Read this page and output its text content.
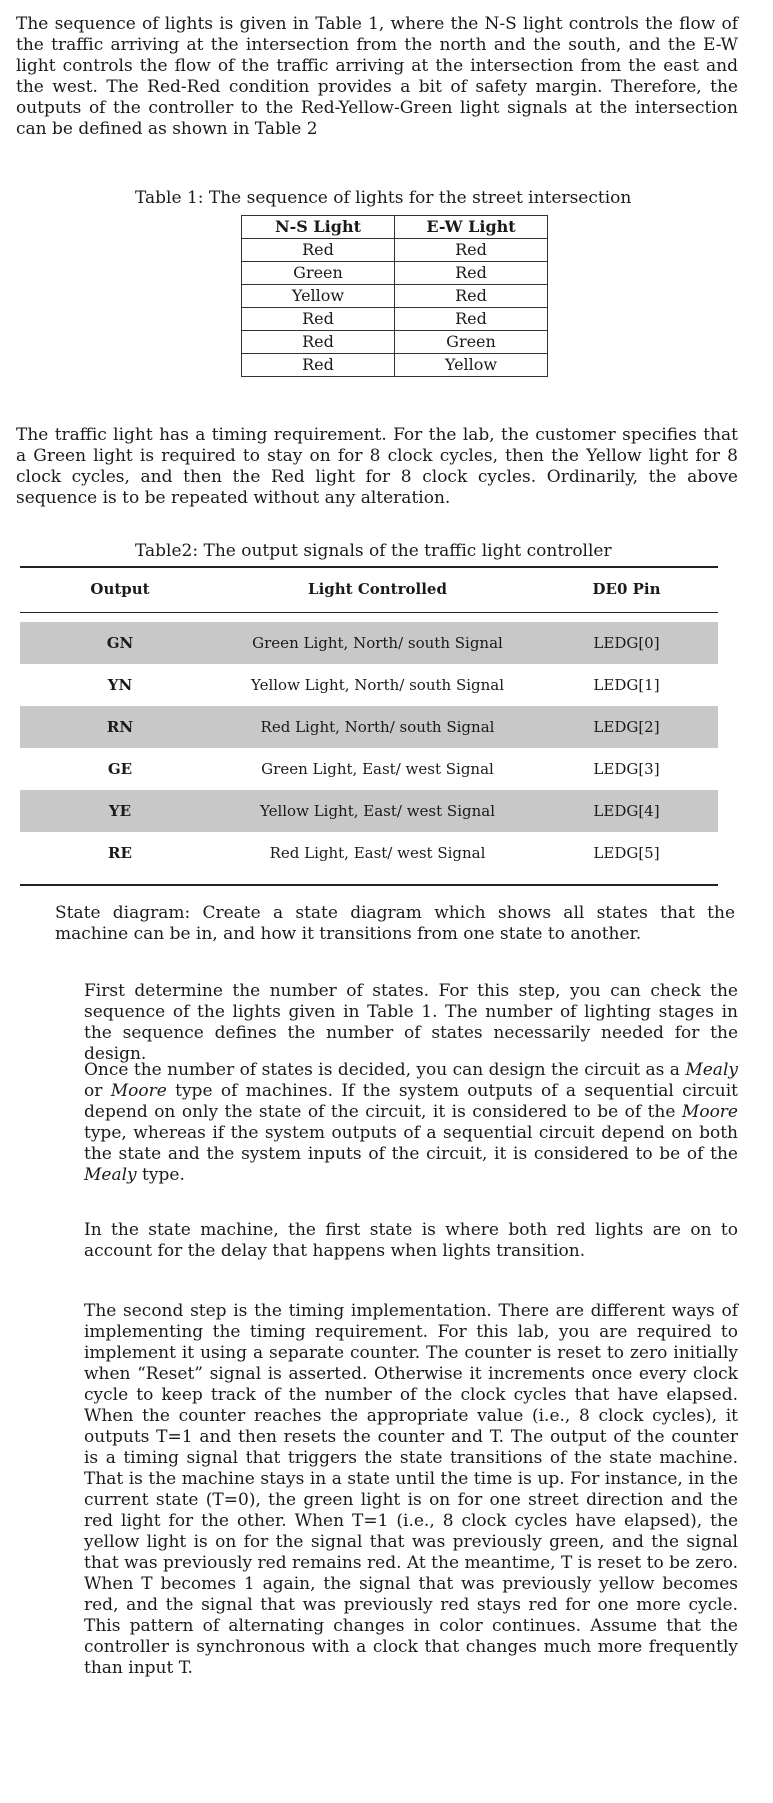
The sequence of lights is given in Table 1, where the N-S light controls the flow of the traffic arriving at the intersection from the north and the south, and the E-W light controls the flow of the traffic arriving at the intersection from the east and the west. The Red-Red condition provides a bit of safety margin. Therefore, the outputs of the controller to the Red-Yellow-Green light signals at the intersection can be defined as shown in Table 2

Table 1: The sequence of lights for the street intersection

N-S Light	E-W Light
Red	Red
Green	Red
Yellow	Red
Red	Red
Red	Green
Red	Yellow

The traffic light has a timing requirement. For the lab, the customer specifies that a Green light is required to stay on for 8 clock cycles, then the Yellow light for 8 clock cycles, and then the Red light for 8 clock cycles. Ordinarily, the above sequence is to be repeated without any alteration.

Table2: The output signals of the traffic light controller

Output	Light Controlled	DE0 Pin

GN	Green Light, North/ south Signal	LEDG[0]
YN	Yellow Light, North/ south Signal	LEDG[1]
RN	Red Light, North/ south Signal	LEDG[2]
GE	Green Light, East/ west Signal	LEDG[3]
YE	Yellow Light, East/ west Signal	LEDG[4]
RE	Red Light, East/ west Signal	LEDG[5]

State diagram: Create a state diagram which shows all states that the machine can be in, and how it transitions from one state to another.

First determine the number of states. For this step, you can check the sequence of the lights given in Table 1. The number of lighting stages in the sequence defines the number of states necessarily needed for the design.

Once the number of states is decided, you can design the circuit as a Mealy or Moore type of machines. If the system outputs of a sequential circuit depend on only the state of the circuit, it is considered to be of the Moore type, whereas if the system outputs of a sequential circuit depend on both the state and the system inputs of the circuit, it is considered to be of the Mealy type.

In the state machine, the first state is where both red lights are on to account for the delay that happens when lights transition.

The second step is the timing implementation. There are different ways of implementing the timing requirement. For this lab, you are required to implement it using a separate counter. The counter is reset to zero initially when “Reset” signal is asserted. Otherwise it increments once every clock cycle to keep track of the number of the clock cycles that have elapsed. When the counter reaches the appropriate value (i.e., 8 clock cycles), it outputs T=1 and then resets the counter and T. The output of the counter is a timing signal that triggers the state transitions of the state machine. That is the machine stays in a state until the time is up. For instance, in the current state (T=0), the green light is on for one street direction and the red light for the other. When T=1 (i.e., 8 clock cycles have elapsed), the yellow light is on for the signal that was previously green, and the signal that was previously red remains red. At the meantime, T is reset to be zero. When T becomes 1 again, the signal that was previously yellow becomes red, and the signal that was previously red stays red for one more cycle. This pattern of alternating changes in color continues. Assume that the controller is synchronous with a clock that changes much more frequently than input T.
